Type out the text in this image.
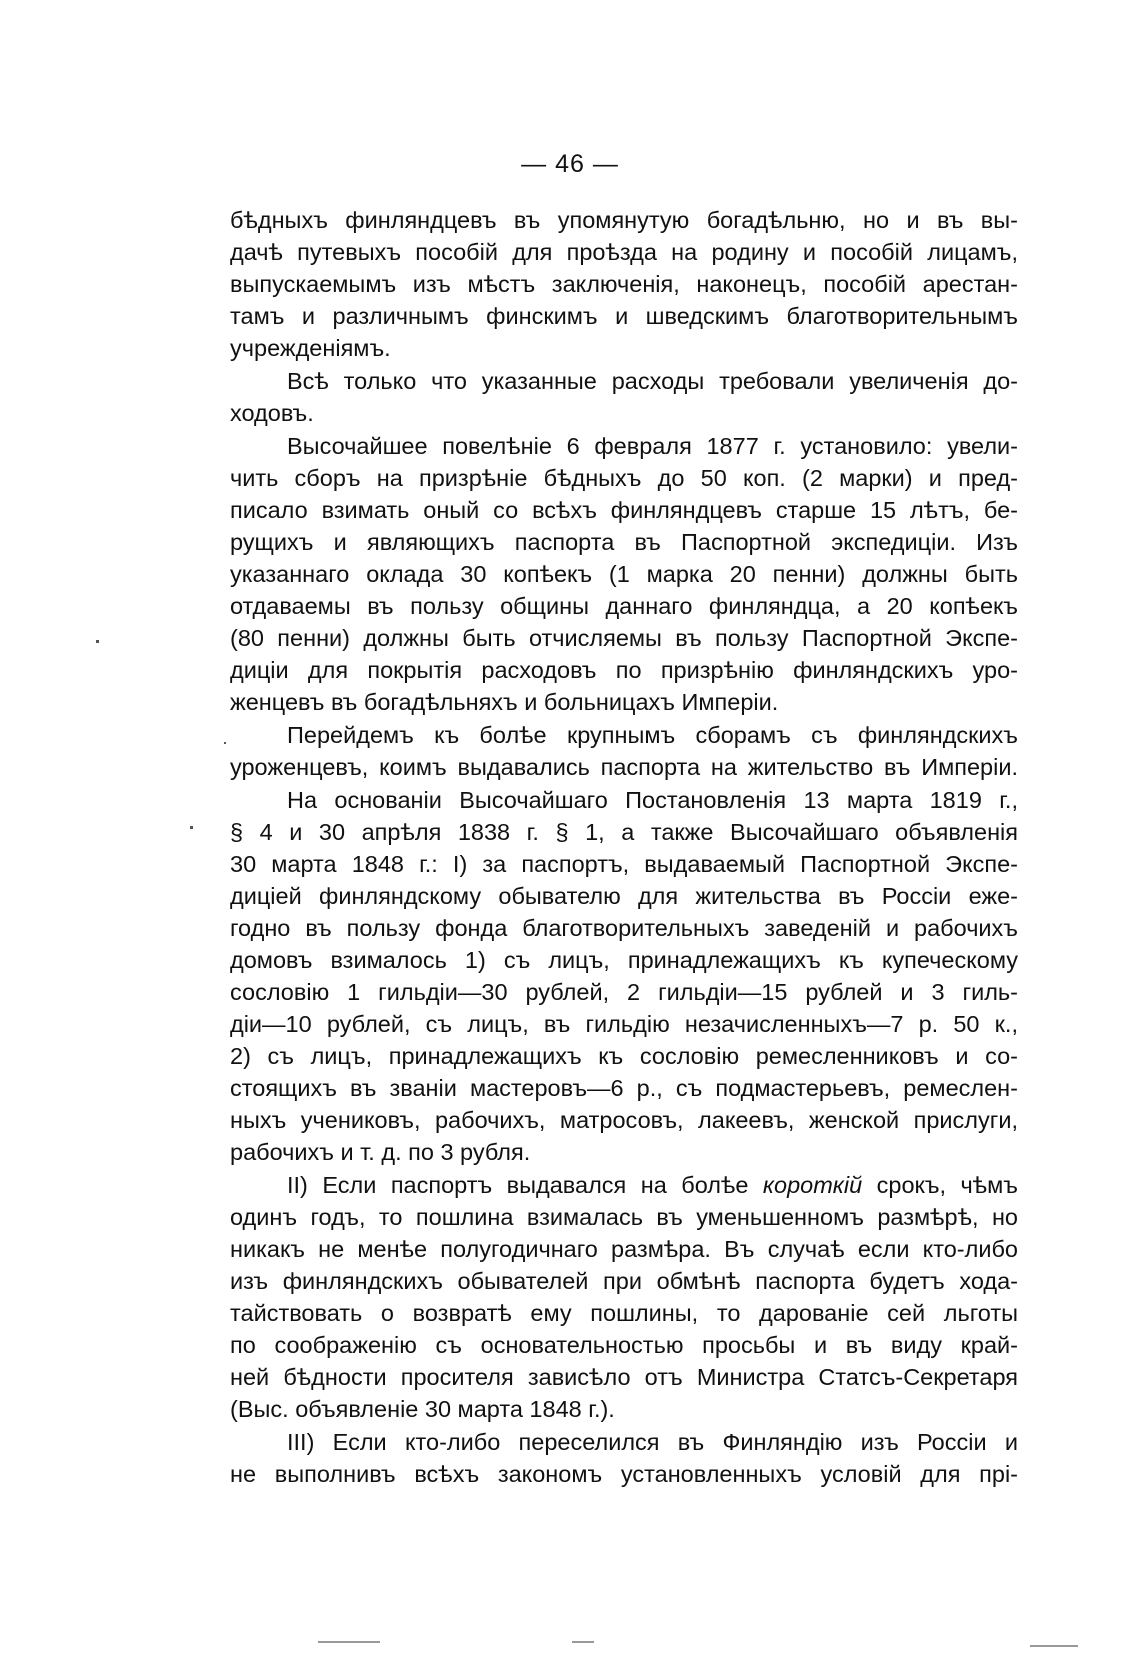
— 46 —
бѣдныхъ финляндцевъ въ упомянутую богадѣльню, но и въ вы-
дачѣ путевыхъ пособій для проѣзда на родину и пособій лицамъ,
выпускаемымъ изъ мѣстъ заключенія, наконецъ, пособій арестан-
тамъ и различнымъ финскимъ и шведскимъ благотворительнымъ
учрежденіямъ.
Всѣ только что указанные расходы требовали увеличенія до-
ходовъ.
Высочайшее повелѣніе 6 февраля 1877 г. установило: увели-
чить сборъ на призрѣніе бѣдныхъ до 50 коп. (2 марки) и пред-
писало взимать оный со всѣхъ финляндцевъ старше 15 лѣтъ, бе-
рущихъ и являющихъ паспорта въ Паспортной экспедиціи. Изъ
указаннаго оклада 30 копѣекъ (1 марка 20 пенни) должны быть
отдаваемы въ пользу общины даннаго финляндца, а 20 копѣекъ
(80 пенни) должны быть отчисляемы въ пользу Паспортной Экспе-
диціи для покрытія расходовъ по призрѣнію финляндскихъ уро-
женцевъ въ богадѣльняхъ и больницахъ Имперіи.
Перейдемъ къ болѣе крупнымъ сборамъ съ финляндскихъ
уроженцевъ, коимъ выдавались паспорта на жительство въ Имперіи.
На основаніи Высочайшаго Постановленія 13 марта 1819 г.,
§ 4 и 30 апрѣля 1838 г. § 1, а также Высочайшаго объявленія
30 марта 1848 г.: I) за паспортъ, выдаваемый Паспортной Экспе-
диціей финляндскому обывателю для жительства въ Россіи еже-
годно въ пользу фонда благотворительныхъ заведеній и рабочихъ
домовъ взималось 1) съ лицъ, принадлежащихъ къ купеческому
сословію 1 гильдіи—30 рублей, 2 гильдіи—15 рублей и 3 гиль-
діи—10 рублей, съ лицъ, въ гильдію незачисленныхъ—7 р. 50 к.,
2) съ лицъ, принадлежащихъ къ сословію ремесленниковъ и со-
стоящихъ въ званіи мастеровъ—6 р., съ подмастерьевъ, ремеслен-
ныхъ учениковъ, рабочихъ, матросовъ, лакеевъ, женской прислуги,
рабочихъ и т. д. по 3 рубля.
II) Если паспортъ выдавался на болѣе короткій срокъ, чѣмъ
одинъ годъ, то пошлина взималась въ уменьшенномъ размѣрѣ, но
никакъ не менѣе полугодичнаго размѣра. Въ случаѣ если кто-либо
изъ финляндскихъ обывателей при обмѣнѣ паспорта будетъ хода-
тайствовать о возвратѣ ему пошлины, то дарованіе сей льготы
по соображенію съ основательностью просьбы и въ виду край-
ней бѣдности просителя зависѣло отъ Министра Статсъ-Секретаря
(Выс. объявленіе 30 марта 1848 г.).
III) Если кто-либо переселился въ Финляндію изъ Россіи и
не выполнивъ всѣхъ закономъ установленныхъ условій для прі-
